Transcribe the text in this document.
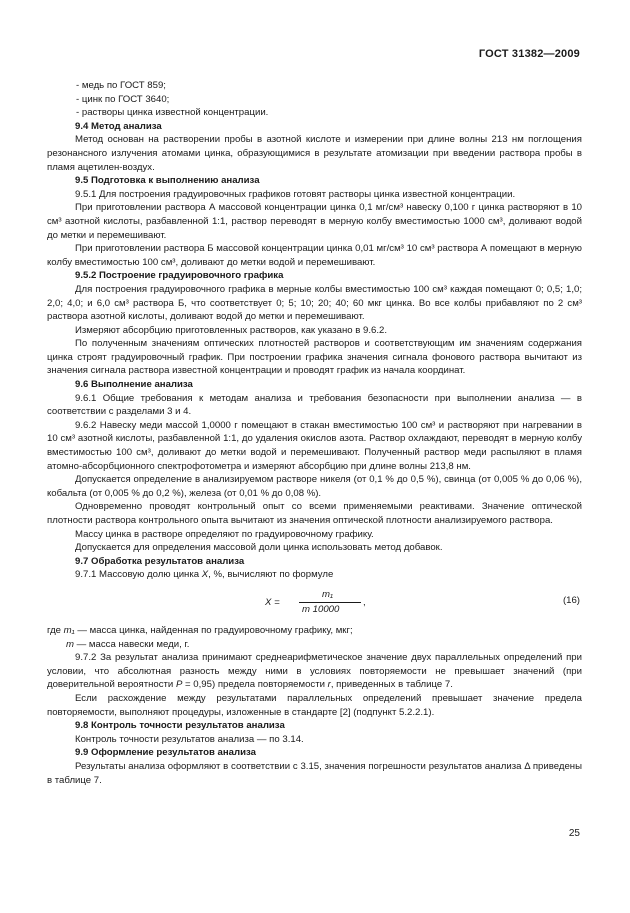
ГОСТ 31382—2009

- медь по ГОСТ 859;

- цинк по ГОСТ 3640;

- растворы цинка известной концентрации.

9.4 Метод анализа

Метод основан на растворении пробы в азотной кислоте и измерении при длине волны 213 нм поглощения резонансного излучения атомами цинка, образующимися в результате атомизации при введении раствора пробы в пламя ацетилен-воздух.

9.5 Подготовка к выполнению анализа

9.5.1 Для построения градуировочных графиков готовят растворы цинка известной концентрации.

При приготовлении раствора А массовой концентрации цинка 0,1 мг/см³ навеску 0,100 г цинка растворяют в 10 см³ азотной кислоты, разбавленной 1:1, раствор переводят в мерную колбу вместимостью 1000 см³, доливают водой до метки и перемешивают.

При приготовлении раствора Б массовой концентрации цинка 0,01 мг/см³ 10 см³ раствора А помещают в мерную колбу вместимостью 100 см³, доливают до метки водой и перемешивают.

9.5.2 Построение градуировочного графика

Для построения градуировочного графика в мерные колбы вместимостью 100 см³ каждая помещают 0; 0,5; 1,0; 2,0; 4,0; и 6,0 см³ раствора Б, что соответствует 0; 5; 10; 20; 40; 60 мкг цинка. Во все колбы прибавляют по 2 см³ раствора азотной кислоты, доливают водой до метки и перемешивают.

Измеряют абсорбцию приготовленных растворов, как указано в 9.6.2.

По полученным значениям оптических плотностей растворов и соответствующим им значениям содержания цинка строят градуировочный график. При построении графика значения сигнала фонового раствора вычитают из значения сигнала раствора известной концентрации и проводят график из начала координат.

9.6 Выполнение анализа

9.6.1 Общие требования к методам анализа и требования безопасности при выполнении анализа — в соответствии с разделами 3 и 4.

9.6.2 Навеску меди массой 1,0000 г помещают в стакан вместимостью 100 см³ и растворяют при нагревании в 10 см³ азотной кислоты, разбавленной 1:1, до удаления окислов азота. Раствор охлаждают, переводят в мерную колбу вместимостью 100 см³, доливают до метки водой и перемешивают. Полученный раствор меди распыляют в пламя атомно-абсорбционного спектрофотометра и измеряют абсорбцию при длине волны 213,8 нм.

Допускается определение в анализируемом растворе никеля (от 0,1 % до 0,5 %), свинца (от 0,005 % до 0,06 %), кобальта (от 0,005 % до 0,2 %), железа (от 0,01 % до 0,08 %).

Одновременно проводят контрольный опыт со всеми применяемыми реактивами. Значение оптической плотности раствора контрольного опыта вычитают из значения оптической плотности анализируемого раствора.

Массу цинка в растворе определяют по градуировочному графику.

Допускается для определения массовой доли цинка использовать метод добавок.

9.7 Обработка результатов анализа

9.7.1 Массовую долю цинка X, %, вычисляют по формуле

X =
m₁
m 10000
,	(16)

где m₁ — масса цинка, найденная по градуировочному графику, мкг;

m — масса навески меди, г.

9.7.2 За результат анализа принимают среднеарифметическое значение двух параллельных определений при условии, что абсолютная разность между ними в условиях повторяемости не превышает значений (при доверительной вероятности P = 0,95) предела повторяемости r, приведенных в таблице 7.

Если расхождение между результатами параллельных определений превышает значение предела повторяемости, выполняют процедуры, изложенные в стандарте [2] (подпункт 5.2.2.1).

9.8 Контроль точности результатов анализа

Контроль точности результатов анализа — по 3.14.

9.9 Оформление результатов анализа

Результаты анализа оформляют в соответствии с 3.15, значения погрешности результатов анализа Δ приведены в таблице 7.

25
